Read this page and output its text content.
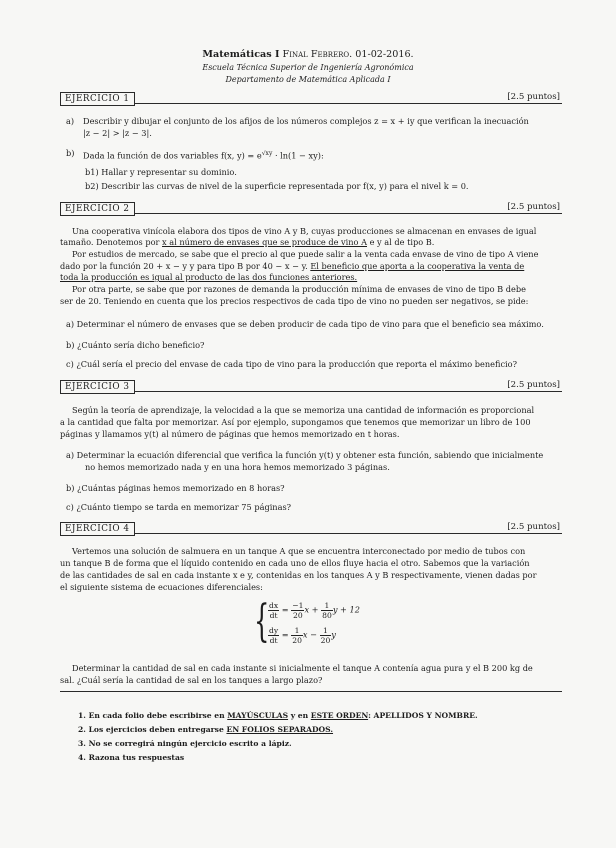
Matemáticas I Final Febrero. 01-02-2016.
Escuela Técnica Superior de Ingeniería Agronómica
Departamento de Matemática Aplicada I
EJERCICIO 1	[2.5 puntos]
a) Describir y dibujar el conjunto de los afijos de los números complejos z = x + iy que verifican la inecuación
|z − 2| > |z − 3|.
b) Dada la función de dos variables f(x, $y) = e^{√xy} \cdot \ln(1 - xy)$:
b1) Hallar y representar su dominio.
b2) Describir las curvas de nivel de la superficie representada por f(x, y) para el nivel k = 0.
EJERCICIO 2	[2.5 puntos]
Una cooperativa vinícola elabora dos tipos de vino A y B, cuyas producciones se almacenan en envases de igual
tamaño. Denotemos por x al número de envases que se produce de vino A e y al de tipo B.
Por estudios de mercado, se sabe que el precio al que puede salir a la venta cada envase de vino de tipo A viene
dado por la función 20 + x − y y para tipo B por 40 − x − y. El beneficio que aporta a la cooperativa la venta de
toda la producción es igual al producto de las dos funciones anteriores.
Por otra parte, se sabe que por razones de demanda la producción mínima de envases de vino de tipo B debe
ser de 20. Teniendo en cuenta que los precios respectivos de cada tipo de vino no pueden ser negativos, se pide:
a) Determinar el número de envases que se deben producir de cada tipo de vino para que el beneficio sea máximo.
b) ¿Cuánto sería dicho beneficio?
c) ¿Cuál sería el precio del envase de cada tipo de vino para la producción que reporta el máximo beneficio?
EJERCICIO 3	[2.5 puntos]
Según la teoría de aprendizaje, la velocidad a la que se memoriza una cantidad de información es proporcional
a la cantidad que falta por memorizar. Así por ejemplo, supongamos que tenemos que memorizar un libro de 100
páginas y llamamos y(t) al número de páginas que hemos memorizado en t horas.
a) Determinar la ecuación diferencial que verifica la función y(t) y obtener esta función, sabiendo que inicialmente
no hemos memorizado nada y en una hora hemos memorizado 3 páginas.
b) ¿Cuántas páginas hemos memorizado en 8 horas?
c) ¿Cuánto tiempo se tarda en memorizar 75 páginas?
EJERCICIO 4	[2.5 puntos]
Vertemos una solución de salmuera en un tanque A que se encuentra interconectado por medio de tubos con
un tanque B de forma que el líquido contenido en cada uno de ellos fluye hacia el otro. Sabemos que la variación
de las cantidades de sal en cada instante x e y, contenidas en los tanques A y B respectivamente, vienen dadas por
el siguiente sistema de ecuaciones diferenciales:
{
$\frac{dx}{dt} = \frac{-1}{20}$ $x + \frac{1}{80}$ y + 12
$\frac{dy}{dt} = \frac{1}{20}$ $x - \frac{1}{20}$ y
Determinar la cantidad de sal en cada instante si inicialmente el tanque A contenía agua pura y el B 200 kg de
sal. ¿Cuál sería la cantidad de sal en los tanques a largo plazo?
1. En cada folio debe escribirse en MAYÚSCULAS y en ESTE ORDEN: APELLIDOS Y NOMBRE.
2. Los ejercicios deben entregarse EN FOLIOS SEPARADOS.
3. No se corregirá ningún ejercicio escrito a lápiz.
4. Razona tus respuestas
